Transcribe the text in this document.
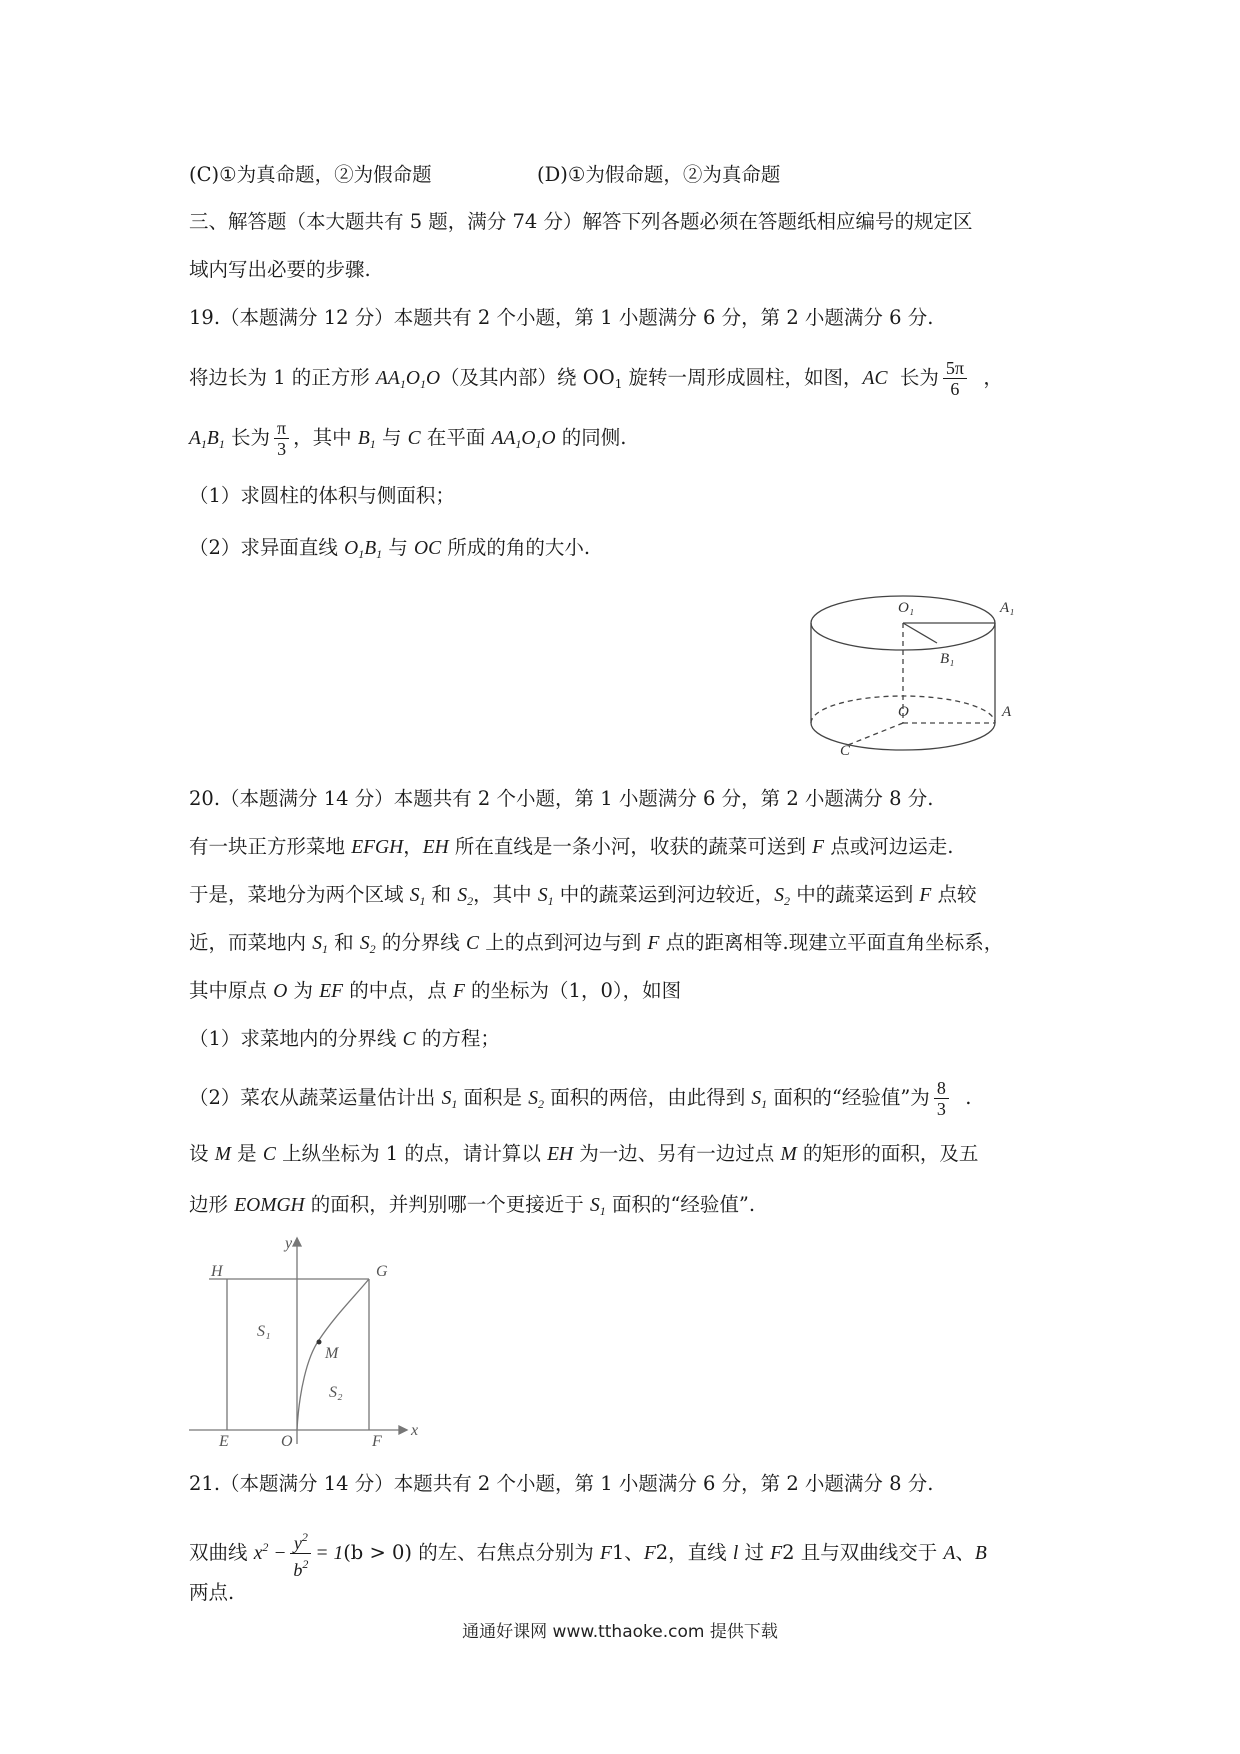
(C)①为真命题，②为假命题	(D)①为假命题，②为真命题
三、解答题（本大题共有 5 题，满分 74 分）解答下列各题必须在答题纸相应编号的规定区
域内写出必要的步骤.
19.（本题满分 12 分）本题共有 2 个小题，第 1 小题满分 6 分，第 2 小题满分 6 分.
将边长为 1 的正方形 $AA_1O_1O$（及其内部）绕 $OO_1$ 旋转一周形成圆柱，如图，AC  长为 $\frac{5\pi}{6}$ ，
$A_1B_1$ 长为 $\frac{\pi}{3}$ ，其中 $B_1$ 与 C 在平面 $AA_1O_1O$ 的同侧.
（1）求圆柱的体积与侧面积；
（2）求异面直线 $O_1B_1$ 与 OC 所成的角的大小.
O₁	A₁
B₁
O	A
C
20.（本题满分 14 分）本题共有 2 个小题，第 1 小题满分 6 分，第 2 小题满分 8 分.
有一块正方形菜地 EFGH，EH 所在直线是一条小河，收获的蔬菜可送到 F 点或河边运走.
于是，菜地分为两个区域 $S_1$ 和 $S_2$，其中 $S_1$ 中的蔬菜运到河边较近，$S_2$ 中的蔬菜运到 F 点较
近，而菜地内 $S_1$ 和 $S_2$ 的分界线 C 上的点到河边与到 F 点的距离相等.现建立平面直角坐标系，
其中原点 O 为 EF 的中点，点 F 的坐标为（1，0），如图
（1）求菜地内的分界线 C 的方程；
（2）菜农从蔬菜运量估计出 $S_1$ 面积是 $S_2$ 面积的两倍，由此得到 $S_1$ 面积的“经验值”为 $\frac{8}{3}$ .
设 M 是 C 上纵坐标为 1 的点，请计算以 EH 为一边、另有一边过点 M 的矩形的面积，及五
边形 EOMGH 的面积，并判别哪一个更接近于 $S_1$ 面积的“经验值”.
y
x
H	G
E	O	F
M
S₁
S₂
21.（本题满分 14 分）本题共有 2 个小题，第 1 小题满分 6 分，第 2 小题满分 8 分.
双曲线 $x^2 - \frac{y^2}{b^2} = 1(b > 0)$ 的左、右焦点分别为 F1、F2，直线 l 过 F2 且与双曲线交于 A、B
两点.
通通好课网 www.tthaoke.com 提供下载
